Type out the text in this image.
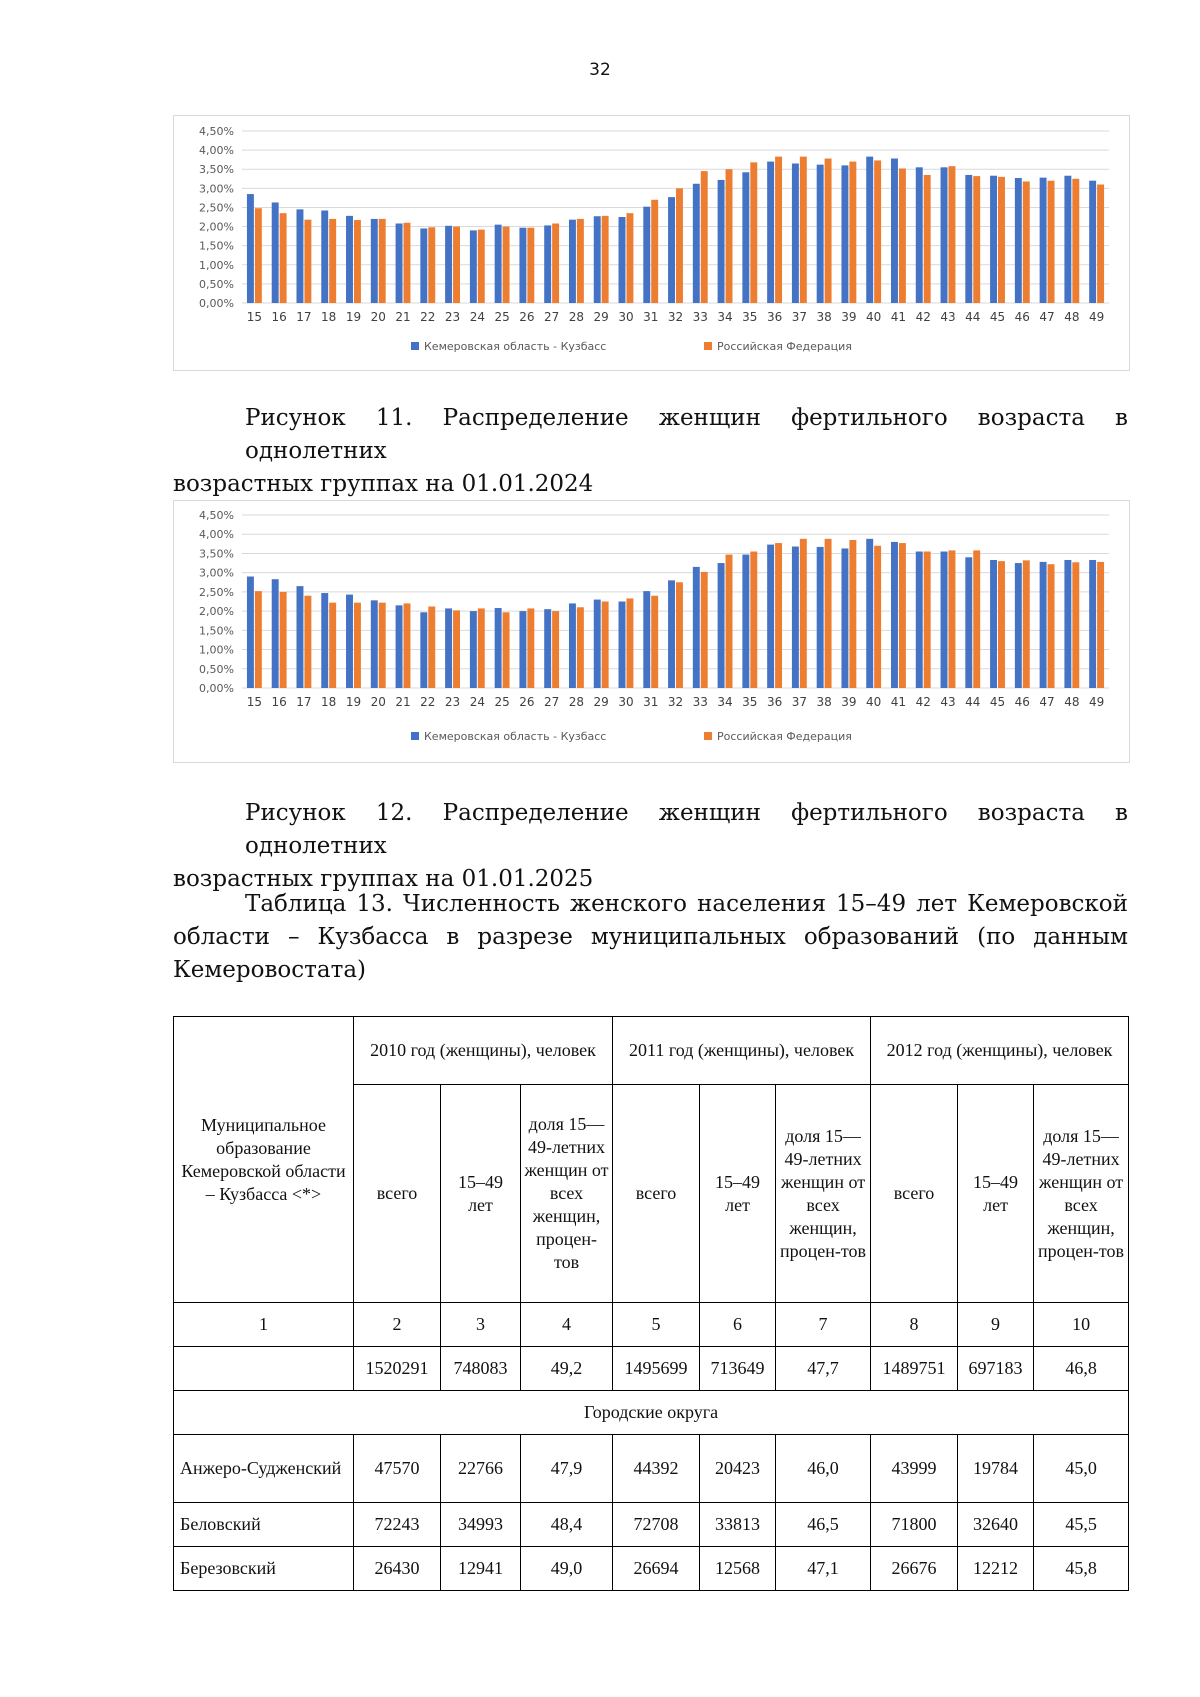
32
0,00%
0,50%
1,00%
1,50%
2,00%
2,50%
3,00%
3,50%
4,00%
4,50%
15 16 17 18 19 20 21 22 23 24 25 26 27 28 29 30 31 32 33 34 35 36 37 38 39 40 41 42 43 44 45 46 47 48 49
Кемеровская область - Кузбасс	Российская Федерация
Рисунок 11. Распределение женщин фертильного возраста в однолетних
возрастных группах на 01.01.2024
0,00%
0,50%
1,00%
1,50%
2,00%
2,50%
3,00%
3,50%
4,00%
4,50%
15 16 17 18 19 20 21 22 23 24 25 26 27 28 29 30 31 32 33 34 35 36 37 38 39 40 41 42 43 44 45 46 47 48 49
Кемеровская область - Кузбасс	Российская Федерация
Рисунок 12. Распределение женщин фертильного возраста в однолетних
возрастных группах на 01.01.2025
Таблица 13. Численность женского населения 15–49 лет Кемеровской области – Кузбасса в разрезе муниципальных образований (по данным Кемеровостата)
Муниципальное образование Кемеровской области – Кузбасса <*>	2010 год (женщины), человек			2011 год (женщины), человек			2012 год (женщины), человек		
	всего	15–49 лет	доля 15—49-летних женщин от всех женщин, процен-тов	всего	15–49 лет	доля 15—49-летних женщин от всех женщин, процен-тов	всего	15–49 лет	доля 15—49-летних женщин от всех женщин, процен-тов
1	2	3	4	5	6	7	8	9	10
	1520291	748083	49,2	1495699	713649	47,7	1489751	697183	46,8
Городские округа									
Анжеро-Судженский	47570	22766	47,9	44392	20423	46,0	43999	19784	45,0
Беловский	72243	34993	48,4	72708	33813	46,5	71800	32640	45,5
Березовский	26430	12941	49,0	26694	12568	47,1	26676	12212	45,8
